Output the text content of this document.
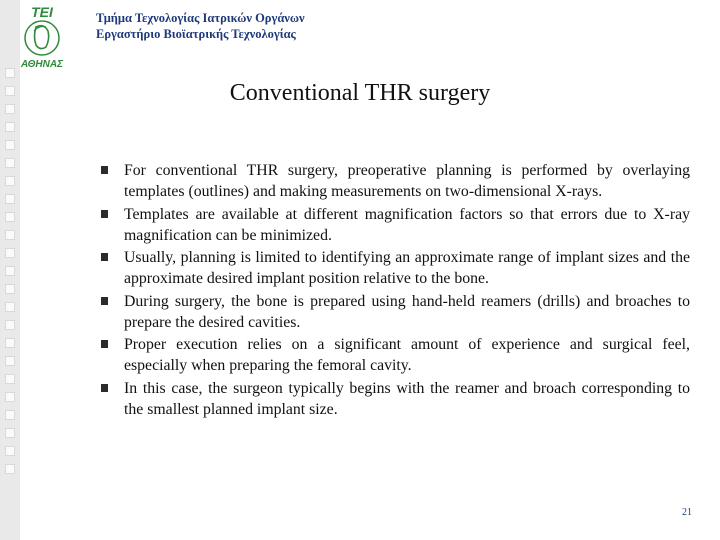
ΤΕΙ
ΑΘΗΝΑΣ
Τμήμα Τεχνολογίας Ιατρικών Οργάνων
Εργαστήριο Βιοϊατρικής Τεχνολογίας
Conventional THR surgery
For conventional THR surgery, preoperative planning is performed by overlaying templates (outlines) and making measurements on two-dimensional X-rays.
Templates are available at different magnification factors so that errors due to X-ray magnification can be minimized.
Usually, planning is limited to identifying an approximate range of implant sizes and the approximate desired implant position relative to the bone.
During surgery, the bone is prepared using hand-held reamers (drills) and broaches to prepare the desired cavities.
Proper execution relies on a significant amount of experience and surgical feel, especially when preparing the femoral cavity.
In this case, the surgeon typically begins with the reamer and broach corresponding to the smallest planned implant size.
21
